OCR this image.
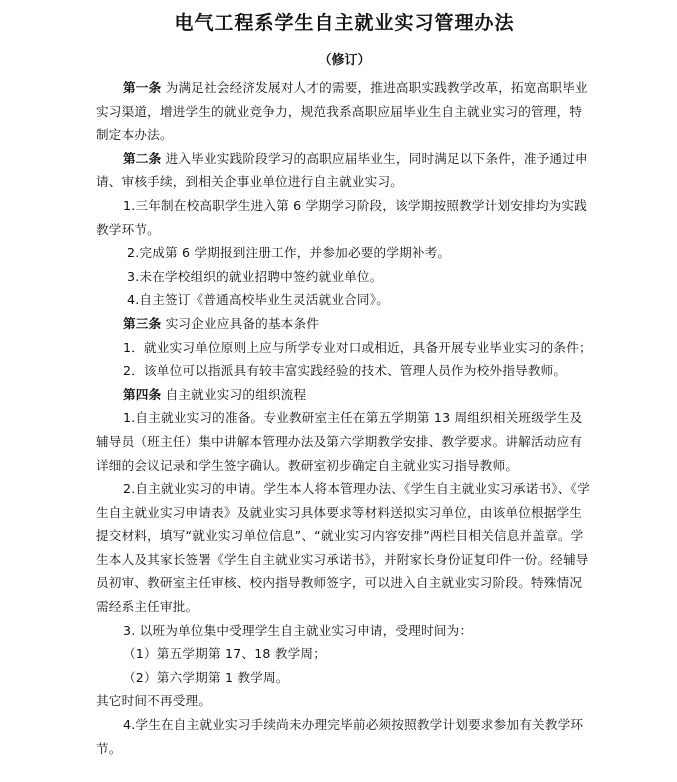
电气工程系学生自主就业实习管理办法
（修订）

第一条 为满足社会经济发展对人才的需要，推进高职实践教学改革，拓宽高职毕业实习渠道，增进学生的就业竞争力，规范我系高职应届毕业生自主就业实习的管理，特制定本办法。

第二条 进入毕业实践阶段学习的高职应届毕业生，同时满足以下条件，准予通过申请、审核手续，到相关企事业单位进行自主就业实习。

1.三年制在校高职学生进入第 6 学期学习阶段，该学期按照教学计划安排均为实践教学环节。

2.完成第 6 学期报到注册工作，并参加必要的学期补考。

3.未在学校组织的就业招聘中签约就业单位。

4.自主签订《普通高校毕业生灵活就业合同》。

第三条 实习企业应具备的基本条件

1．就业实习单位原则上应与所学专业对口或相近，具备开展专业毕业实习的条件；

2．该单位可以指派具有较丰富实践经验的技术、管理人员作为校外指导教师。

第四条 自主就业实习的组织流程

1.自主就业实习的准备。专业教研室主任在第五学期第 13 周组织相关班级学生及辅导员（班主任）集中讲解本管理办法及第六学期教学安排、教学要求。讲解活动应有详细的会议记录和学生签字确认。教研室初步确定自主就业实习指导教师。

2.自主就业实习的申请。学生本人将本管理办法、《学生自主就业实习承诺书》、《学生自主就业实习申请表》及就业实习具体要求等材料送拟实习单位，由该单位根据学生提交材料，填写“就业实习单位信息”、“就业实习内容安排”两栏目相关信息并盖章。学生本人及其家长签署《学生自主就业实习承诺书》，并附家长身份证复印件一份。经辅导员初审、教研室主任审核、校内指导教师签字，可以进入自主就业实习阶段。特殊情况需经系主任审批。

3. 以班为单位集中受理学生自主就业实习申请，受理时间为：

（1）第五学期第 17、18 教学周；

（2）第六学期第 1 教学周。

其它时间不再受理。

4.学生在自主就业实习手续尚未办理完毕前必须按照教学计划要求参加有关教学环节。
